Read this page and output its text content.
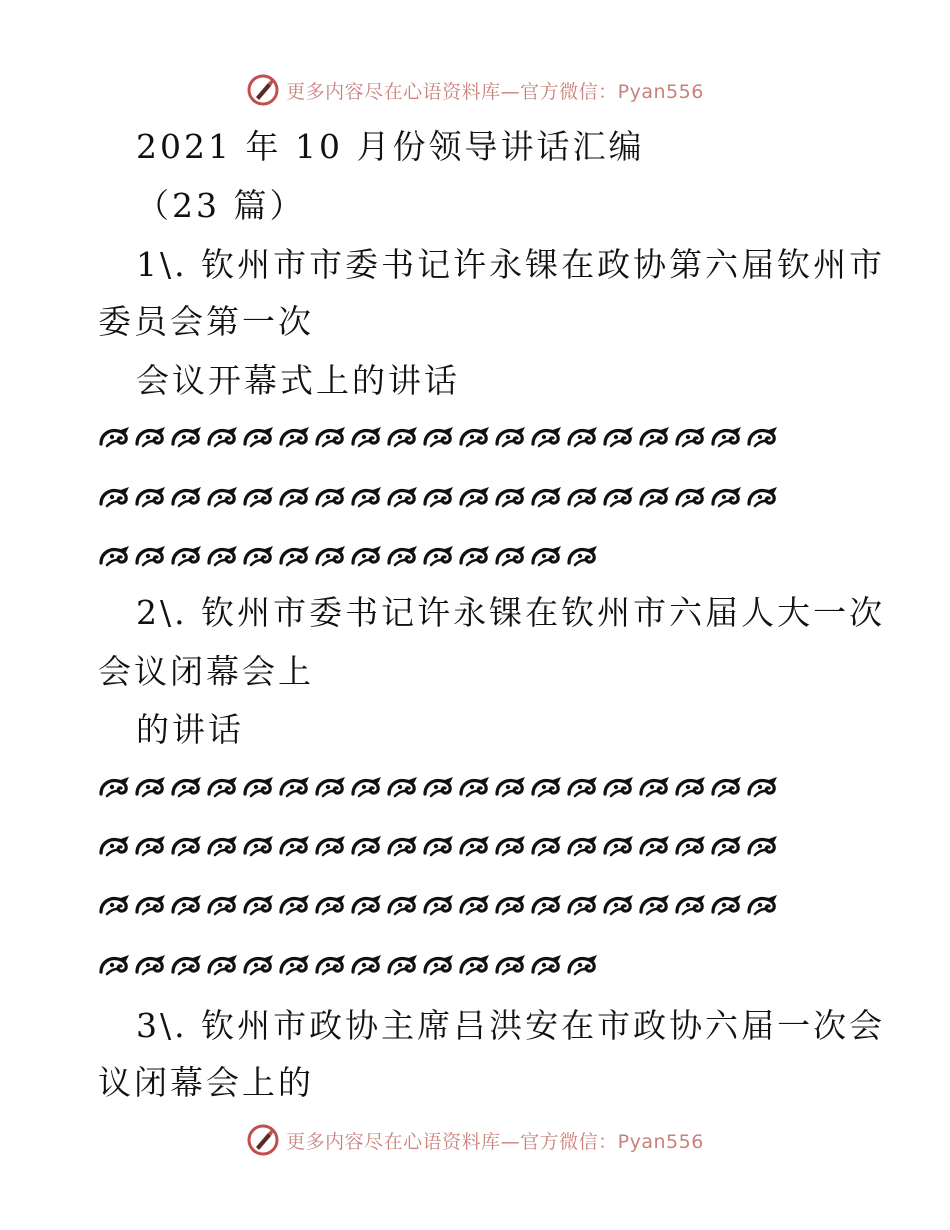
更多内容尽在心语资料库—官方微信：Pyan556
2021 年 10 月份领导讲话汇编
（23 篇）
1\. 钦州市市委书记许永锞在政协第六届钦州市
委员会第一次
会议开幕式上的讲话
2\. 钦州市委书记许永锞在钦州市六届人大一次
会议闭幕会上
的讲话
3\. 钦州市政协主席吕洪安在市政协六届一次会
议闭幕会上的
更多内容尽在心语资料库—官方微信：Pyan556
